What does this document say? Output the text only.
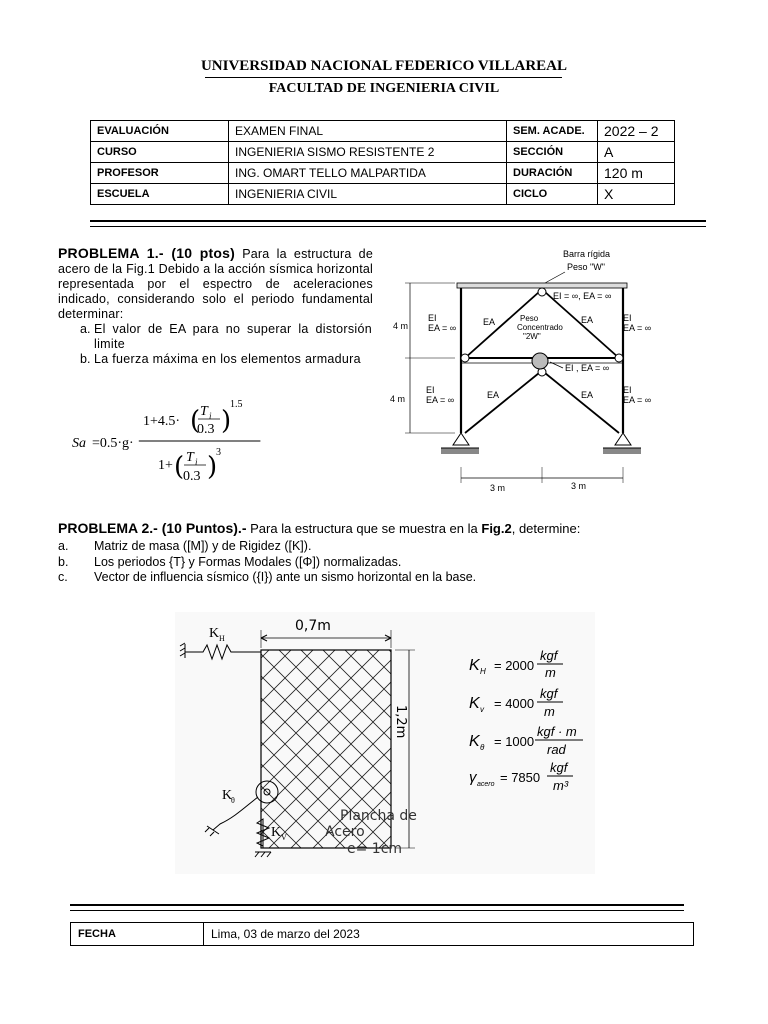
UNIVERSIDAD NACIONAL FEDERICO VILLAREAL
FACULTAD DE INGENIERIA CIVIL
EVALUACIÓN	EXAMEN FINAL	SEM. ACADE.	2022 – 2
CURSO	INGENIERIA SISMO RESISTENTE 2	SECCIÓN	A
PROFESOR	ING. OMART TELLO MALPARTIDA	DURACIÓN	120 m
ESCUELA	INGENIERIA CIVIL	CICLO	X
PROBLEMA 1.- (10 ptos) Para la estructura de acero de la Fig.1 Debido a la acción sísmica horizontal representada por el espectro de aceleraciones indicado, considerando solo el periodo fundamental determinar:
a. El valor de EA para no superar la distorsión limite
b. La fuerza máxima en los elementos armadura
Sa =0.5·g·
1+4.5· ( T i
0.3 )
1.5
1+ ( T i
0.3 )
3
Barra rígida
Peso "W"
EI = ∞, EA = ∞
EI
EA = ∞
EI
EA = ∞
EA	EA
Peso
Concentrado
"2W"
EI , EA = ∞
EI
EA = ∞
EI
EA = ∞
EA	EA
4 m
4 m
3 m	3 m
PROBLEMA 2.- (10 Puntos).- Para la estructura que se muestra en la Fig.2, determine:
a. Matriz de masa ([M]) y de Rigidez ([K]).
b. Los periodos {T} y Formas Modales ([Φ]) normalizadas.
c. Vector de influencia sísmico ({I}) ante un sismo horizontal en la base.
K H
K
θ
K V
0,7m
1,2m
Plancha de
Acero
e= 1cm
K H = 2000
kgf
m
K v = 4000
kgf
m
K θ = 1000
kgf · m
rad
γ acero = 7850
kgf
m³
FECHA	Lima, 03 de marzo del 2023
